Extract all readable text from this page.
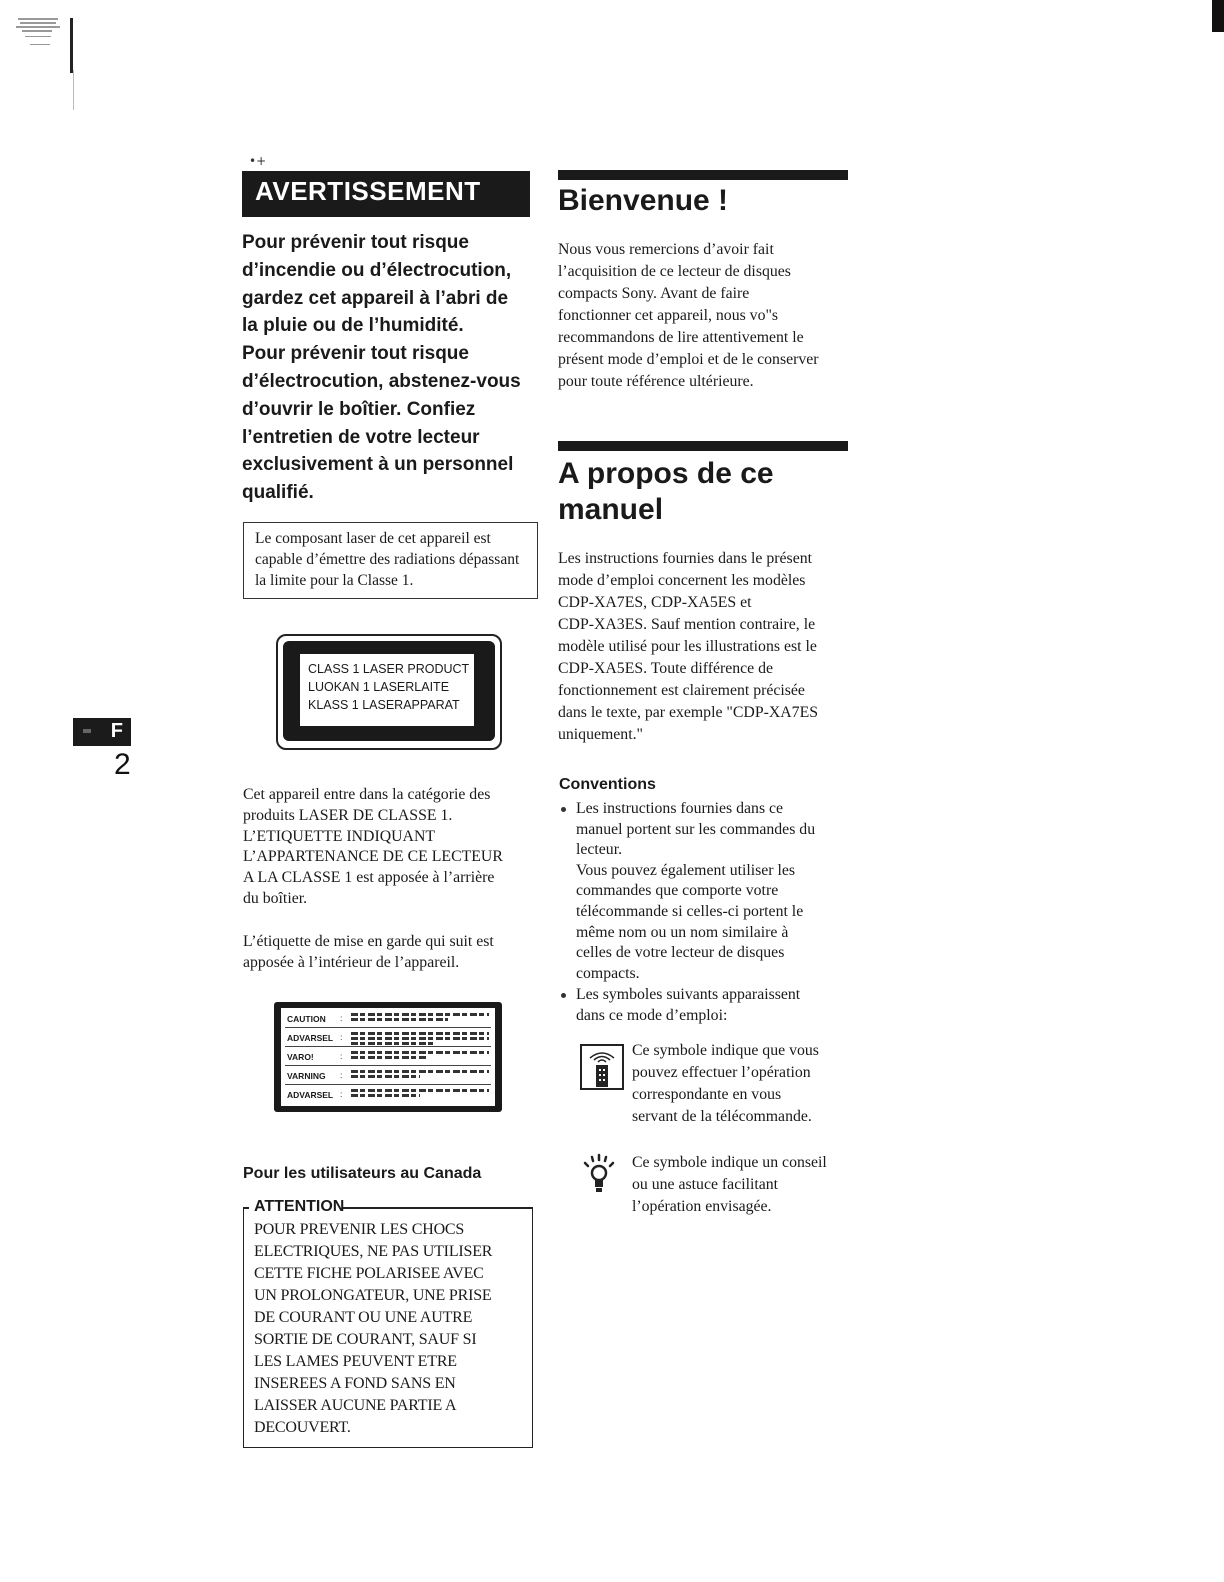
F
2
•+
AVERTISSEMENT

Pour prévenir tout risque

d’incendie ou d’électrocution,

gardez cet appareil à l’abri de

la pluie ou de l’humidité.

Pour prévenir tout risque

d’électrocution, abstenez-vous

d’ouvrir le boîtier. Confiez

l’entretien de votre lecteur

exclusivement à un personnel

qualifié.

Le composant laser de cet appareil est capable d’émettre des radiations dépassant la limite pour la Classe 1.
CLASS 1 LASER PRODUCT
LUOKAN 1 LASERLAITE
KLASS 1 LASERAPPARAT
Cet appareil entre dans la catégorie des
produits LASER DE CLASSE 1.
L’ETIQUETTE INDIQUANT
L’APPARTENANCE DE CE LECTEUR
A LA CLASSE 1 est apposée à l’arrière
du boîtier.
L’étiquette de mise en garde qui suit est
apposée à l’intérieur de l’appareil.
CAUTION :
ADVARSEL :
VARO!	:
VARNING :
ADVARSEL :
Pour les utilisateurs au Canada
ATTENTION
POUR PREVENIR LES CHOCS
ELECTRIQUES, NE PAS UTILISER
CETTE FICHE POLARISEE AVEC
UN PROLONGATEUR, UNE PRISE
DE COURANT OU UNE AUTRE
SORTIE DE COURANT, SAUF SI
LES LAMES PEUVENT ETRE
INSEREES A FOND SANS EN
LAISSER AUCUNE PARTIE A
DECOUVERT.
Bienvenue !
Nous vous remercions d’avoir fait
l’acquisition de ce lecteur de disques
compacts Sony. Avant de faire
fonctionner cet appareil, nous vo"s
recommandons de lire attentivement le
présent mode d’emploi et de le conserver
pour toute référence ultérieure.
A propos de ce
manuel
Les instructions fournies dans le présent
mode d’emploi concernent les modèles
CDP-XA7ES, CDP-XA5ES et
CDP-XA3ES. Sauf mention contraire, le
modèle utilisé pour les illustrations est le
CDP-XA5ES. Toute différence de
fonctionnement est clairement précisée
dans le texte, par exemple "CDP-XA7ES
uniquement."
Conventions
Les instructions fournies dans ce
manuel portent sur les commandes du
lecteur.
Vous pouvez également utiliser les
commandes que comporte votre
télécommande si celles-ci portent le
même nom ou un nom similaire à
celles de votre lecteur de disques
compacts.
Les symboles suivants apparaissent
dans ce mode d’emploi:
Ce symbole indique que vous
pouvez effectuer l’opération
correspondante en vous
servant de la télécommande.
Ce symbole indique un conseil
ou une astuce facilitant
l’opération envisagée.
